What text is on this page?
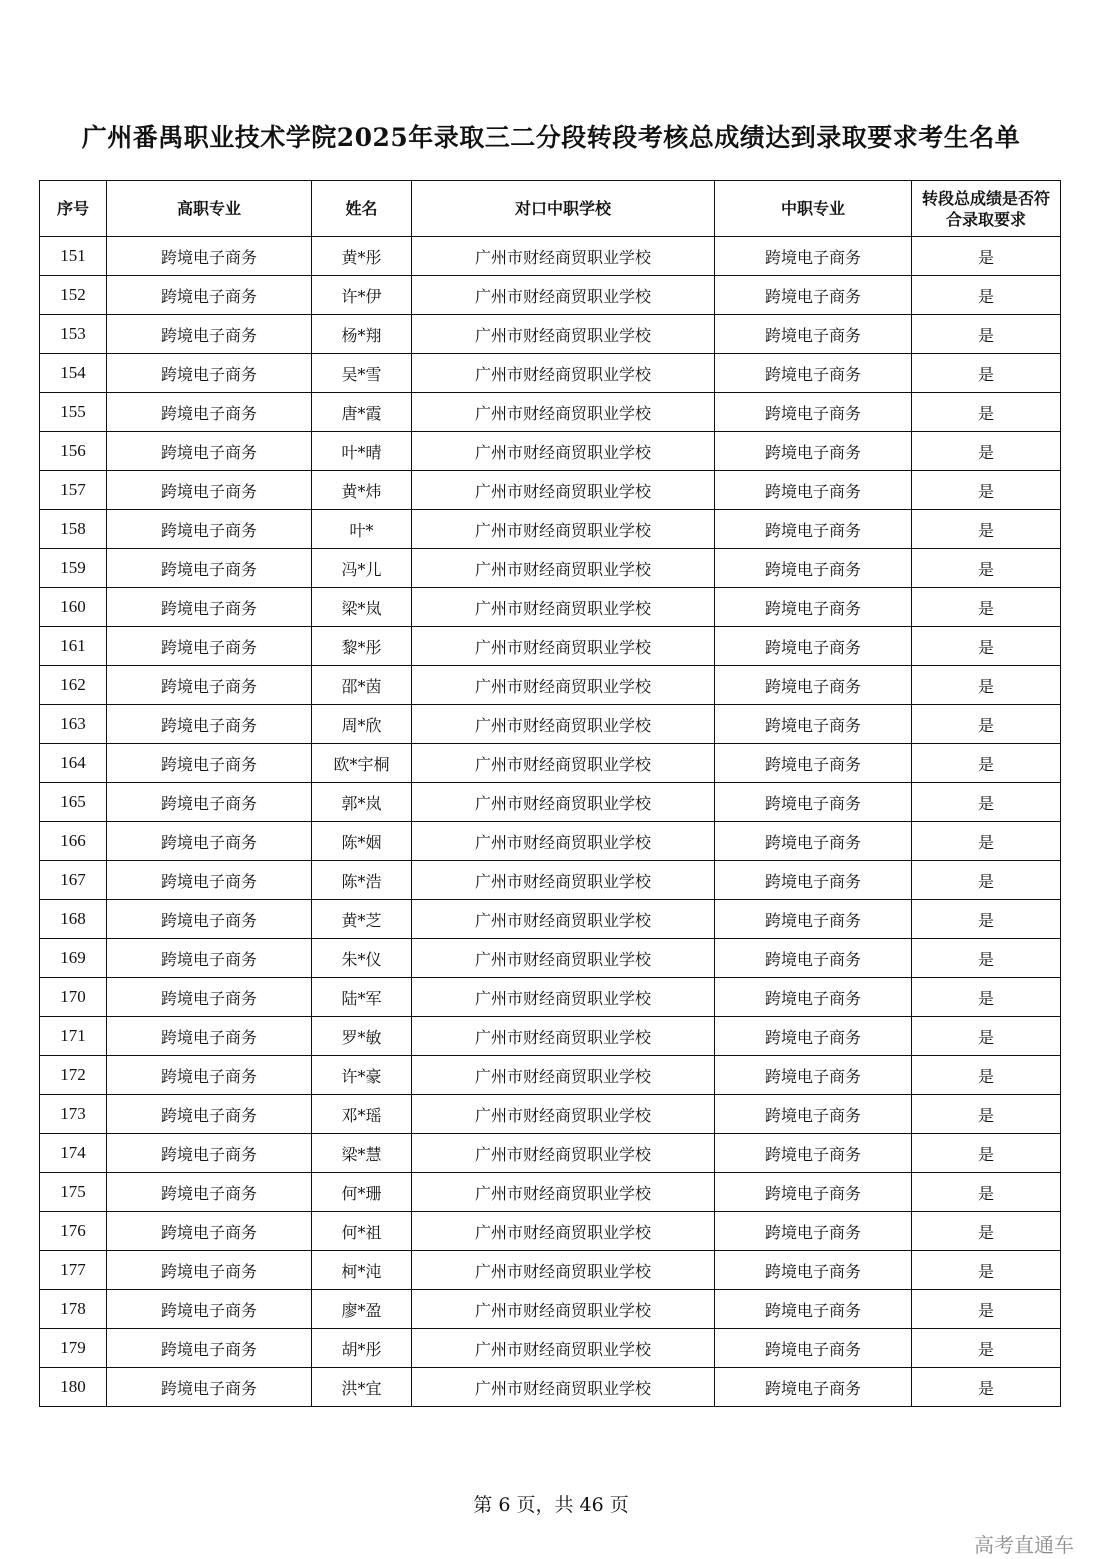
广州番禺职业技术学院2025年录取三二分段转段考核总成绩达到录取要求考生名单
序号	高职专业	姓名	对口中职学校	中职专业	转段总成绩是否符合录取要求
151	跨境电子商务	黄*彤	广州市财经商贸职业学校	跨境电子商务	是
152	跨境电子商务	许*伊	广州市财经商贸职业学校	跨境电子商务	是
153	跨境电子商务	杨*翔	广州市财经商贸职业学校	跨境电子商务	是
154	跨境电子商务	吴*雪	广州市财经商贸职业学校	跨境电子商务	是
155	跨境电子商务	唐*霞	广州市财经商贸职业学校	跨境电子商务	是
156	跨境电子商务	叶*晴	广州市财经商贸职业学校	跨境电子商务	是
157	跨境电子商务	黄*炜	广州市财经商贸职业学校	跨境电子商务	是
158	跨境电子商务	叶*	广州市财经商贸职业学校	跨境电子商务	是
159	跨境电子商务	冯*儿	广州市财经商贸职业学校	跨境电子商务	是
160	跨境电子商务	梁*岚	广州市财经商贸职业学校	跨境电子商务	是
161	跨境电子商务	黎*彤	广州市财经商贸职业学校	跨境电子商务	是
162	跨境电子商务	邵*茵	广州市财经商贸职业学校	跨境电子商务	是
163	跨境电子商务	周*欣	广州市财经商贸职业学校	跨境电子商务	是
164	跨境电子商务	欧*宇桐	广州市财经商贸职业学校	跨境电子商务	是
165	跨境电子商务	郭*岚	广州市财经商贸职业学校	跨境电子商务	是
166	跨境电子商务	陈*姻	广州市财经商贸职业学校	跨境电子商务	是
167	跨境电子商务	陈*浩	广州市财经商贸职业学校	跨境电子商务	是
168	跨境电子商务	黄*芝	广州市财经商贸职业学校	跨境电子商务	是
169	跨境电子商务	朱*仪	广州市财经商贸职业学校	跨境电子商务	是
170	跨境电子商务	陆*军	广州市财经商贸职业学校	跨境电子商务	是
171	跨境电子商务	罗*敏	广州市财经商贸职业学校	跨境电子商务	是
172	跨境电子商务	许*豪	广州市财经商贸职业学校	跨境电子商务	是
173	跨境电子商务	邓*瑶	广州市财经商贸职业学校	跨境电子商务	是
174	跨境电子商务	梁*慧	广州市财经商贸职业学校	跨境电子商务	是
175	跨境电子商务	何*珊	广州市财经商贸职业学校	跨境电子商务	是
176	跨境电子商务	何*祖	广州市财经商贸职业学校	跨境电子商务	是
177	跨境电子商务	柯*沌	广州市财经商贸职业学校	跨境电子商务	是
178	跨境电子商务	廖*盈	广州市财经商贸职业学校	跨境电子商务	是
179	跨境电子商务	胡*彤	广州市财经商贸职业学校	跨境电子商务	是
180	跨境电子商务	洪*宜	广州市财经商贸职业学校	跨境电子商务	是
第 6 页，共 46 页
高考直通车
